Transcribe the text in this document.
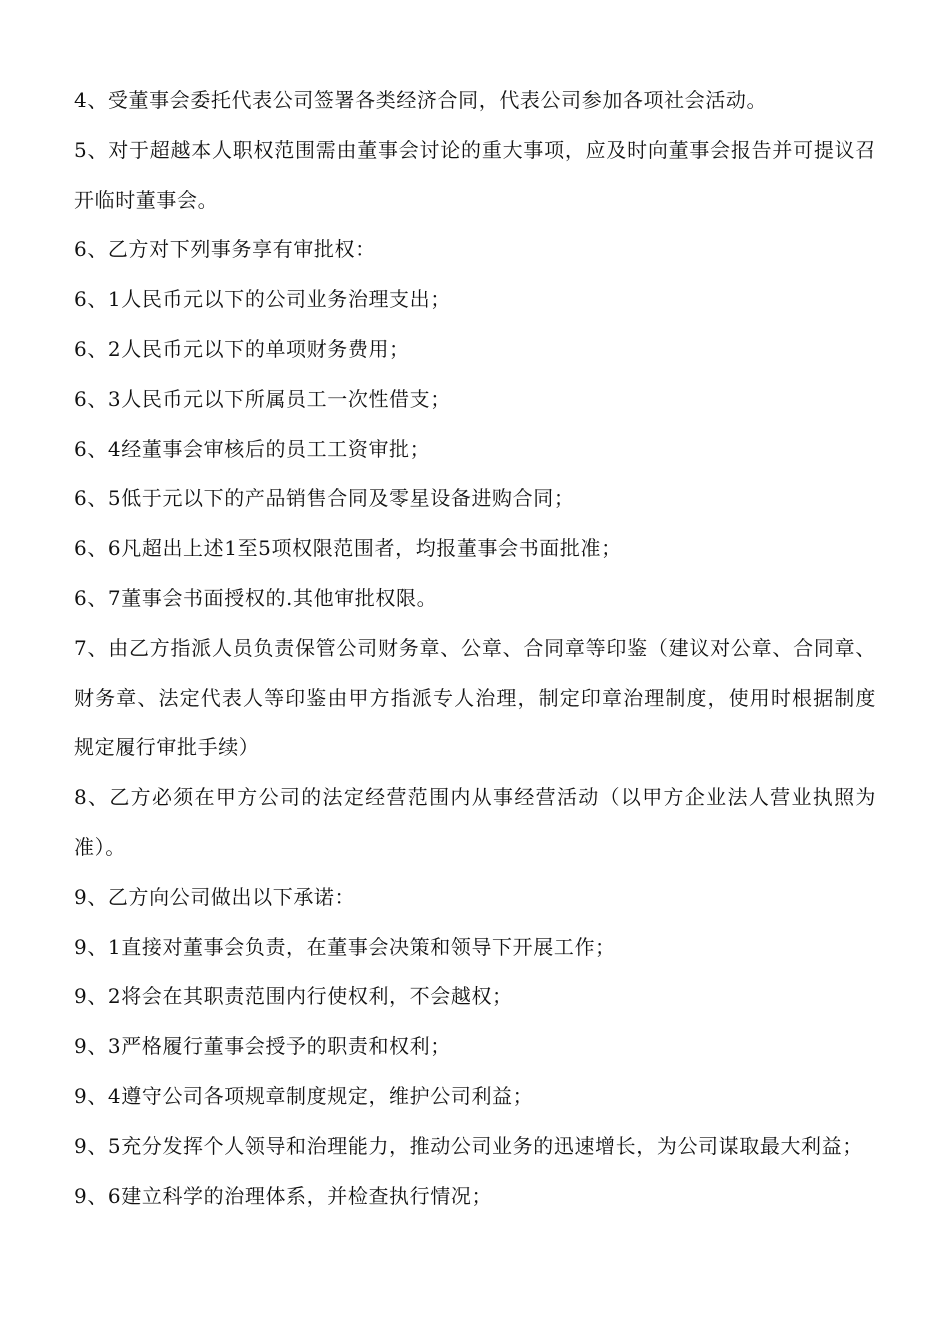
4、受董事会委托代表公司签署各类经济合同，代表公司参加各项社会活动。

5、对于超越本人职权范围需由董事会讨论的重大事项，应及时向董事会报告并可提议召开临时董事会。

6、乙方对下列事务享有审批权：

6、1人民币元以下的公司业务治理支出；

6、2人民币元以下的单项财务费用；

6、3人民币元以下所属员工一次性借支；

6、4经董事会审核后的员工工资审批；

6、5低于元以下的产品销售合同及零星设备进购合同；

6、6凡超出上述1至5项权限范围者，均报董事会书面批准；

6、7董事会书面授权的.其他审批权限。

7、由乙方指派人员负责保管公司财务章、公章、合同章等印鉴（建议对公章、合同章、财务章、法定代表人等印鉴由甲方指派专人治理，制定印章治理制度，使用时根据制度规定履行审批手续）

8、乙方必须在甲方公司的法定经营范围内从事经营活动（以甲方企业法人营业执照为准）。

9、乙方向公司做出以下承诺：

9、1直接对董事会负责，在董事会决策和领导下开展工作；

9、2将会在其职责范围内行使权利，不会越权；

9、3严格履行董事会授予的职责和权利；

9、4遵守公司各项规章制度规定，维护公司利益；

9、5充分发挥个人领导和治理能力，推动公司业务的迅速增长，为公司谋取最大利益；

9、6建立科学的治理体系，并检查执行情况；
